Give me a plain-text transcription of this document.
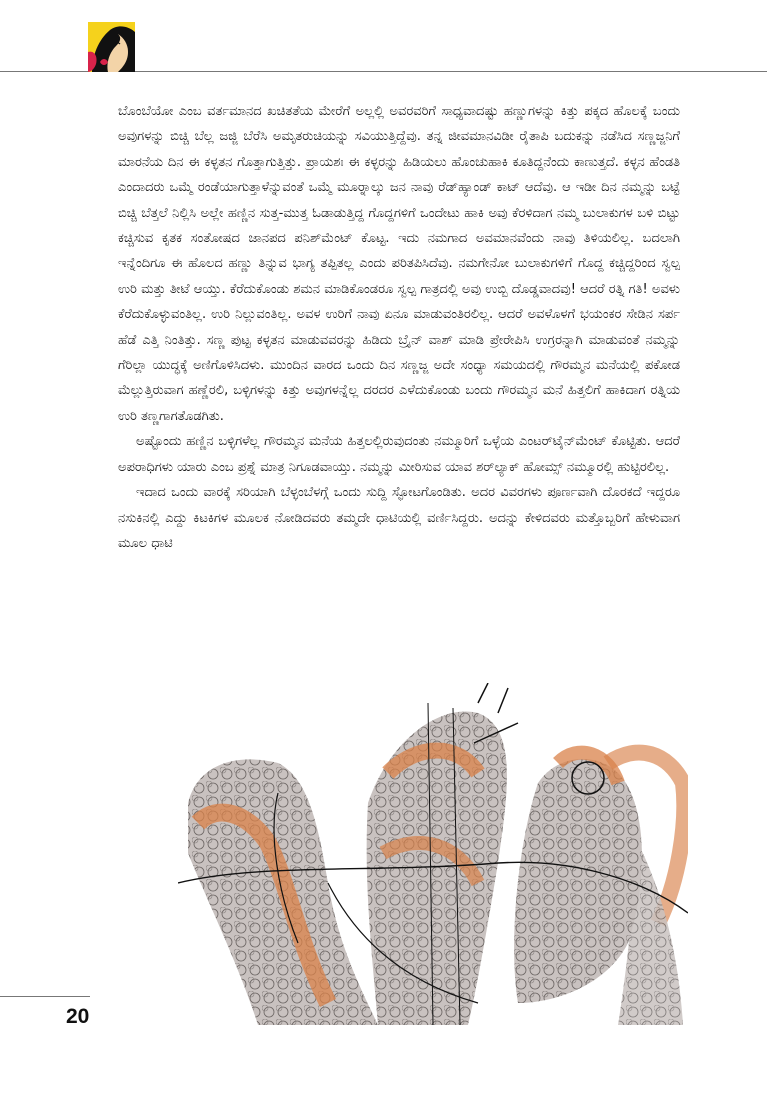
ಬೊಂಬೆಯೋ ಎಂಬ ವರ್ತಮಾನದ ಖಚಿತತೆಯ ಮೇರೆಗೆ ಅಲ್ಲಲ್ಲಿ ಅವರವರಿಗೆ ಸಾಧ್ಯವಾದಷ್ಟು ಹಣ್ಣುಗಳನ್ನು ಕಿತ್ತು ಪಕ್ಕದ ಹೊಲಕ್ಕೆ ಬಂದು ಅವುಗಳನ್ನು ಬಿಚ್ಚಿ ಬೆಲ್ಲ ಜಜ್ಜಿ ಬೆರೆಸಿ ಅಮೃತರುಚಿಯನ್ನು ಸವಿಯುತ್ತಿದ್ದೆವು. ತನ್ನ ಜೀವಮಾನವಿಡೀ ರೈತಾಪಿ ಬದುಕನ್ನು ನಡೆಸಿದ ಸಣ್ಣಜ್ಜನಿಗೆ ಮಾರನೆಯ ದಿನ ಈ ಕಳ್ಳತನ ಗೊತ್ತಾಗುತ್ತಿತ್ತು. ಪ್ರಾಯಶಃ ಈ ಕಳ್ಳರನ್ನು ಹಿಡಿಯಲು ಹೊಂಚುಹಾಕಿ ಕೂತಿದ್ದನೆಂದು ಕಾಣುತ್ತದೆ. ಕಳ್ಳನ ಹೆಂಡತಿ ಎಂದಾದರು ಒಮ್ಮೆ ರಂಡೆಯಾಗುತ್ತಾಳೆನ್ನುವಂತೆ ಒಮ್ಮೆ ಮೂರ್‍ನಾಲ್ಕು ಜನ ನಾವು ರೆಡ್‌ಹ್ಯಾಂಡ್ ಕಾಟ್ ಆದೆವು. ಆ ಇಡೀ ದಿನ ನಮ್ಮನ್ನು ಬಟ್ಟೆ ಬಿಚ್ಚಿ ಬೆತ್ತಲೆ ನಿಲ್ಲಿಸಿ ಅಲ್ಲೇ ಹಣ್ಣಿನ ಸುತ್ತ-ಮುತ್ತ ಓಡಾಡುತ್ತಿದ್ದ ಗೊದ್ದಗಳಿಗೆ ಒಂದೇಟು ಹಾಕಿ ಅವು ಕೆರಳಿದಾಗ ನಮ್ಮ ಬುಲಾಕುಗಳ ಬಳಿ ಬಿಟ್ಟು ಕಚ್ಚಿಸುವ ಕೃತಕ ಸಂತೋಷದ ಜಾನಪದ ಪನಿಶ್‌ಮೆಂಟ್ ಕೊಟ್ಟ. ಇದು ನಮಗಾದ ಅವಮಾನವೆಂದು ನಾವು ತಿಳಿಯಲಿಲ್ಲ. ಬದಲಾಗಿ ಇನ್ನೆಂದಿಗೂ ಈ ಹೊಲದ ಹಣ್ಣು ತಿನ್ನುವ ಭಾಗ್ಯ ತಪ್ಪಿತಲ್ಲ ಎಂದು ಪರಿತಪಿಸಿದೆವು. ನಮಗೇನೋ ಬುಲಾಕುಗಳಿಗೆ ಗೊದ್ದ ಕಚ್ಚಿದ್ದರಿಂದ ಸ್ವಲ್ಪ ಉರಿ ಮತ್ತು ತೀಟೆ ಆಯ್ತು. ಕೆರೆದುಕೊಂಡು ಶಮನ ಮಾಡಿಕೊಂಡರೂ ಸ್ವಲ್ಪ ಗಾತ್ರದಲ್ಲಿ ಅವು ಉಬ್ಬಿ ದೊಡ್ಡವಾದವು! ಆದರೆ ರತ್ನಿ ಗತಿ! ಅವಳು ಕೆರೆದುಕೊಳ್ಳುವಂತಿಲ್ಲ. ಉರಿ ನಿಲ್ಲುವಂತಿಲ್ಲ. ಅವಳ ಉರಿಗೆ ನಾವು ಏನೂ ಮಾಡುವಂತಿರಲಿಲ್ಲ. ಆದರೆ ಅವಳೊಳಗೆ ಭಯಂಕರ ಸೇಡಿನ ಸರ್ಪ ಹೆಡೆ ಎತ್ತಿ ನಿಂತಿತ್ತು. ಸಣ್ಣ ಪುಟ್ಟ ಕಳ್ಳತನ ಮಾಡುವವರನ್ನು ಹಿಡಿದು ಬ್ರೈನ್ ವಾಶ್ ಮಾಡಿ ಪ್ರೇರೇಪಿಸಿ ಉಗ್ರರನ್ನಾಗಿ ಮಾಡುವಂತೆ ನಮ್ಮನ್ನು ಗೆರಿಲ್ಲಾ ಯುದ್ಧಕ್ಕೆ ಅಣಿಗೊಳಿಸಿದಳು. ಮುಂದಿನ ವಾರದ ಒಂದು ದಿನ ಸಣ್ಣಜ್ಜ ಅದೇ ಸಂಧ್ಯಾ ಸಮಯದಲ್ಲಿ ಗೌರಮ್ಮನ ಮನೆಯಲ್ಲಿ ಪಕೋಡ ಮೆಲ್ಲುತ್ತಿರುವಾಗ ಹಣ್ಣೆರಲಿ, ಬಳ್ಳಿಗಳನ್ನು ಕಿತ್ತು ಅವುಗಳನ್ನೆಲ್ಲ ದರದರ ಎಳೆದುಕೊಂಡು ಬಂದು ಗೌರಮ್ಮನ ಮನೆ ಹಿತ್ತಲಿಗೆ ಹಾಕಿದಾಗ ರತ್ನಿಯ ಉರಿ ತಣ್ಣಗಾಗತೊಡಗಿತು.

ಅಷ್ಟೊಂದು ಹಣ್ಣಿನ ಬಳ್ಳಿಗಳೆಲ್ಲ ಗೌರಮ್ಮನ ಮನೆಯ ಹಿತ್ತಲಲ್ಲಿರುವುದಂತು ನಮ್ಮೂರಿಗೆ ಒಳ್ಳೆಯ ಎಂಟರ್‌ಟೈನ್‌ಮೆಂಟ್ ಕೊಟ್ಟಿತು. ಆದರೆ ಅಪರಾಧಿಗಳು ಯಾರು ಎಂಬ ಪ್ರಶ್ನೆ ಮಾತ್ರ ನಿಗೂಡವಾಯ್ತು. ನಮ್ಮನ್ನು ಮೀರಿಸುವ ಯಾವ ಶರ್‌ಲ್ಯಾಕ್ ಹೋಮ್ಸ್ ನಮ್ಮೂರಲ್ಲಿ ಹುಟ್ಟಿರಲಿಲ್ಲ.

ಇದಾದ ಒಂದು ವಾರಕ್ಕೆ ಸರಿಯಾಗಿ ಬೆಳ್ಳಂಬೆಳಗ್ಗೆ ಒಂದು ಸುದ್ದಿ ಸ್ಫೋಟಗೊಂಡಿತು. ಅದರ ವಿವರಗಳು ಪೂರ್ಣವಾಗಿ ದೊರಕದೆ ಇದ್ದರೂ ನಸುಕಿನಲ್ಲಿ ಎದ್ದು ಕಿಟಕಿಗಳ ಮೂಲಕ ನೋಡಿದವರು ತಮ್ಮದೇ ಧಾಟಿಯಲ್ಲಿ ವರ್ಣಿಸಿದ್ದರು. ಅದನ್ನು ಕೇಳಿದವರು ಮತ್ತೊಬ್ಬರಿಗೆ ಹೇಳುವಾಗ ಮೂಲ ಧಾಟಿ

20
